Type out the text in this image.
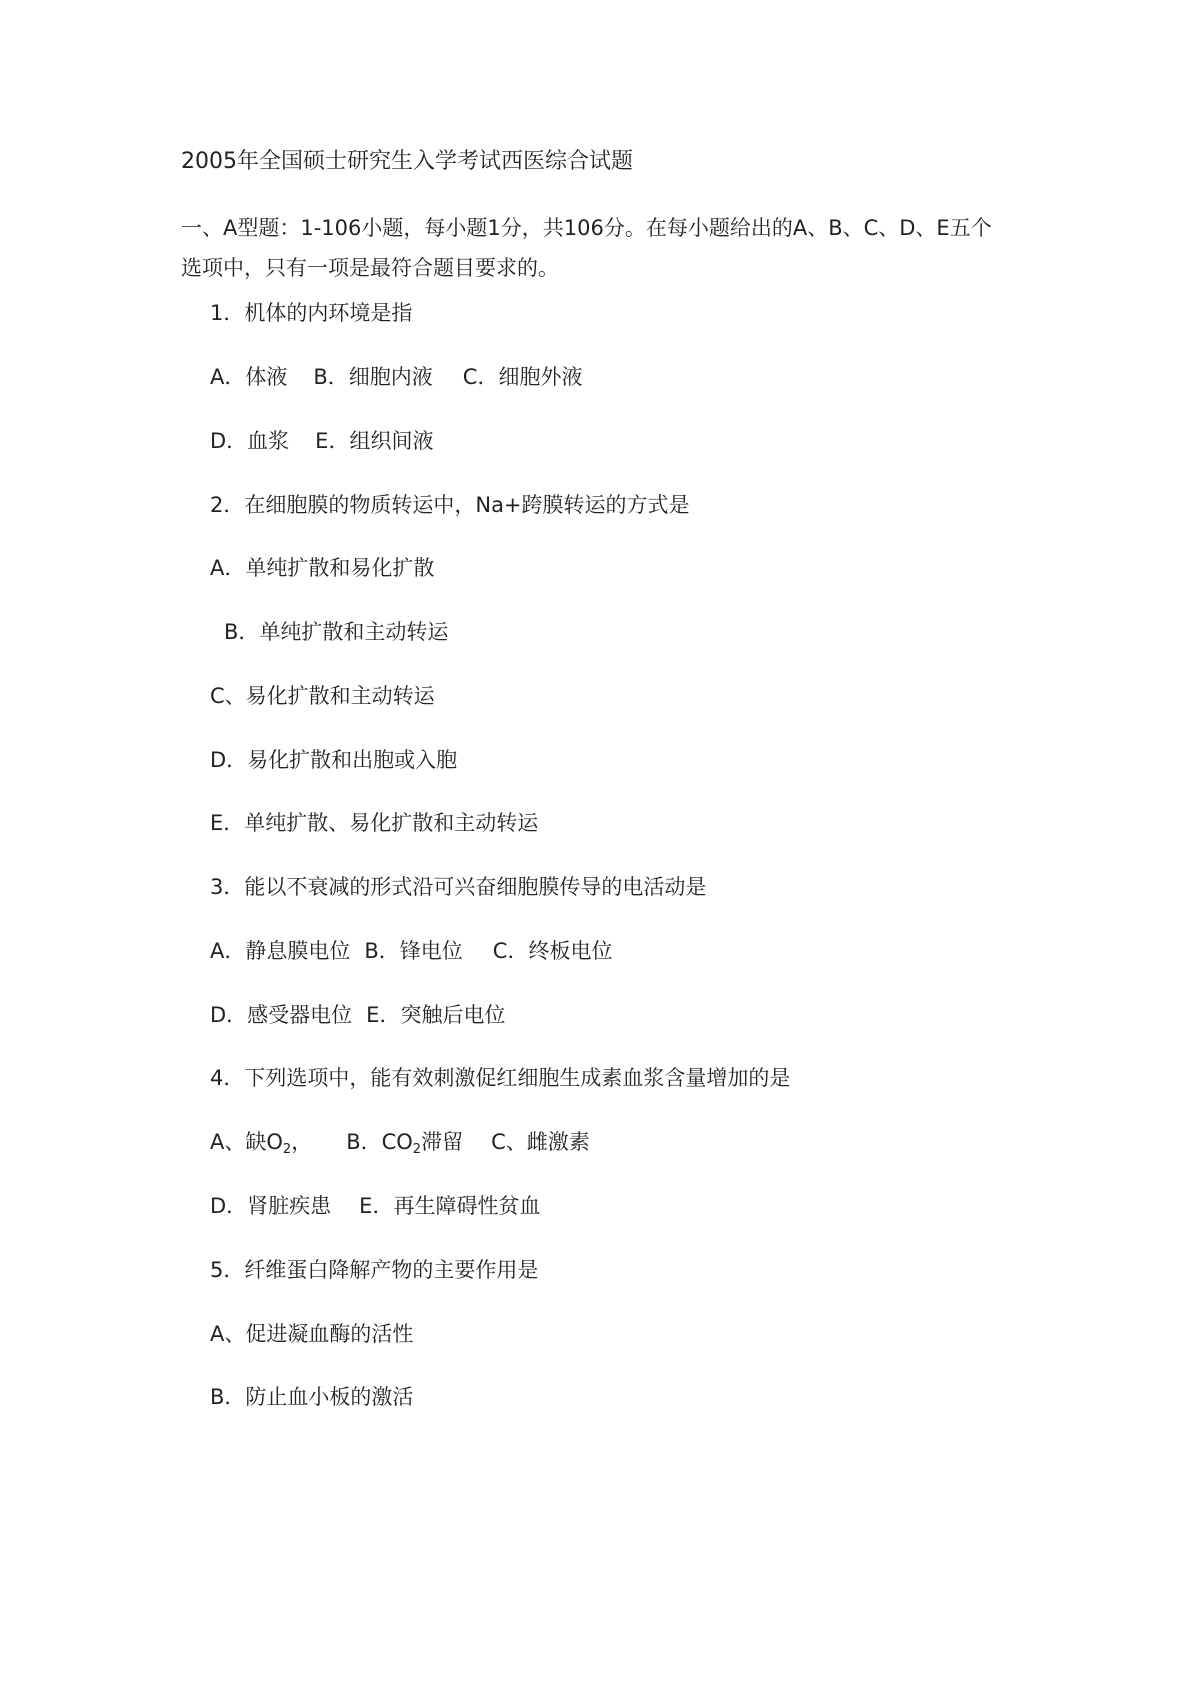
2005年全国硕士研究生入学考试西医综合试题
一、A型题：1-106小题，每小题1分，共106分。在每小题给出的A、B、C、D、E五个
选项中，只有一项是最符合题目要求的。
1．机体的内环境是指
A．体液 B．细胞内液 C．细胞外液
D．血浆 E．组织间液
2．在细胞膜的物质转运中，Na+跨膜转运的方式是
A．单纯扩散和易化扩散
B．单纯扩散和主动转运
C、易化扩散和主动转运
D．易化扩散和出胞或入胞
E．单纯扩散、易化扩散和主动转运
3．能以不衰减的形式沿可兴奋细胞膜传导的电活动是
A．静息膜电位 B．锋电位 C．终板电位
D．感受器电位 E．突触后电位
4．下列选项中，能有效刺激促红细胞生成素血浆含量增加的是
A、缺$O_2$， B．$CO_2$滞留 C、雌激素
D．肾脏疾患 E．再生障碍性贫血
5．纤维蛋白降解产物的主要作用是
A、促进凝血酶的活性
B．防止血小板的激活
